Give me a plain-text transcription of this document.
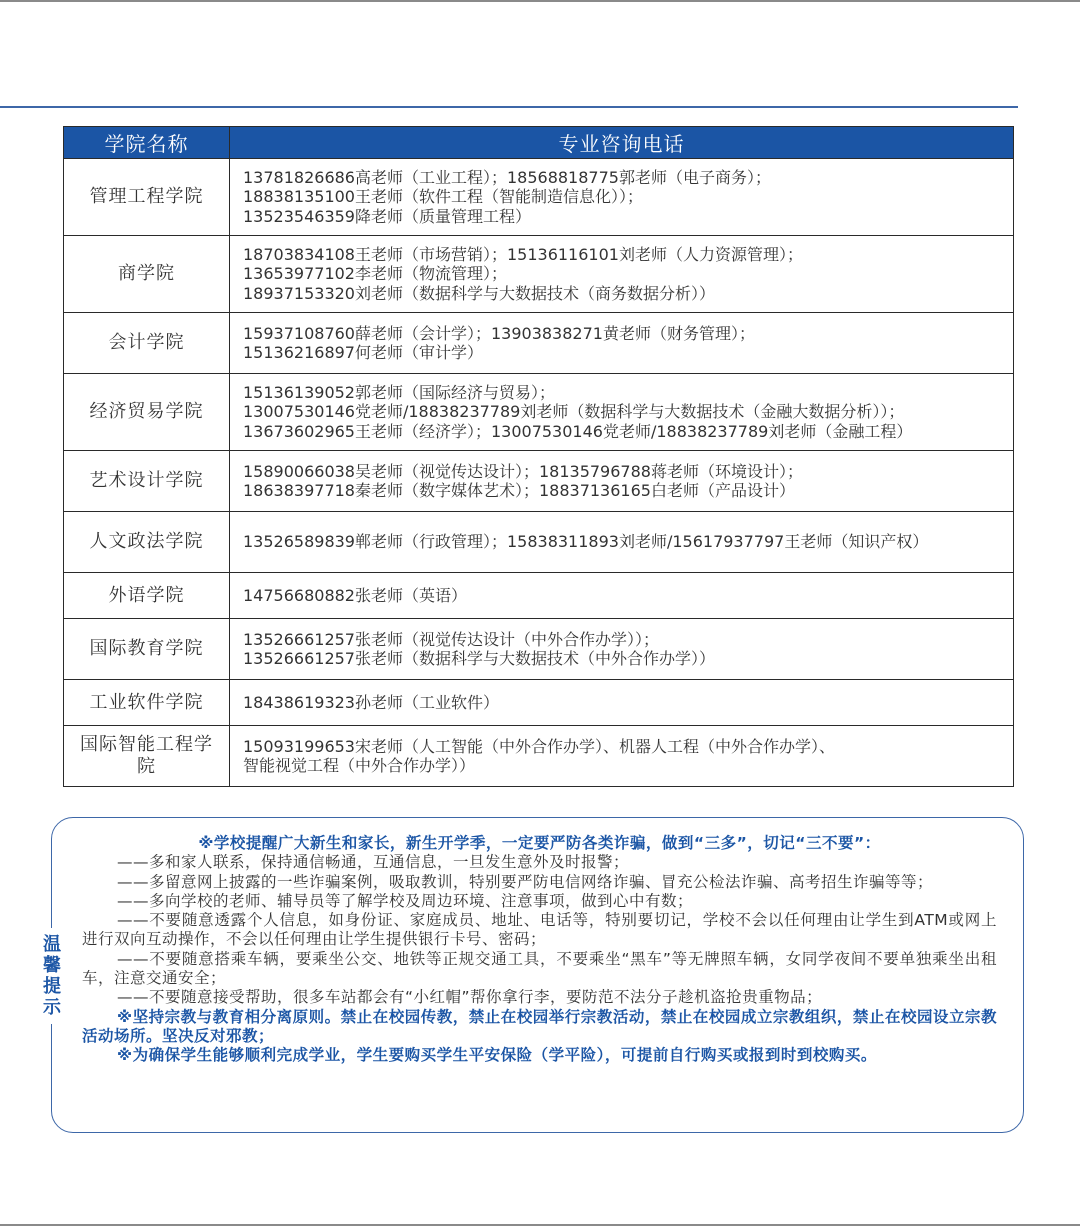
学院名称	专业咨询电话
管理工程学院	13781826686高老师（工业工程）；18568818775郭老师（电子商务）；
18838135100王老师（软件工程（智能制造信息化））；
13523546359降老师（质量管理工程）

商学院	18703834108王老师（市场营销）；15136116101刘老师（人力资源管理）；
13653977102李老师（物流管理）；
18937153320刘老师（数据科学与大数据技术（商务数据分析））

会计学院	15937108760薛老师（会计学）；13903838271黄老师（财务管理）；
15136216897何老师（审计学）

经济贸易学院	15136139052郭老师（国际经济与贸易）；
13007530146党老师/18838237789刘老师（数据科学与大数据技术（金融大数据分析））；
13673602965王老师（经济学）；13007530146党老师/18838237789刘老师（金融工程）

艺术设计学院	15890066038吴老师（视觉传达设计）；18135796788蒋老师（环境设计）；
18638397718秦老师（数字媒体艺术）；18837136165白老师（产品设计）

人文政法学院	13526589839郸老师（行政管理）；15838311893刘老师/15617937797王老师（知识产权）

外语学院	14756680882张老师（英语）

国际教育学院	13526661257张老师（视觉传达设计（中外合作办学））；
13526661257张老师（数据科学与大数据技术（中外合作办学））

工业软件学院	18438619323孙老师（工业软件）

国际智能工程学院	15093199653宋老师（人工智能（中外合作办学）、机器人工程（中外合作办学）、
智能视觉工程（中外合作办学））
温馨提示

※学校提醒广大新生和家长，新生开学季，一定要严防各类诈骗，做到“三多”，切记“三不要”：

——多和家人联系，保持通信畅通，互通信息，一旦发生意外及时报警；

——多留意网上披露的一些诈骗案例，吸取教训，特别要严防电信网络诈骗、冒充公检法诈骗、高考招生诈骗等等；

——多向学校的老师、辅导员等了解学校及周边环境、注意事项，做到心中有数；

——不要随意透露个人信息，如身份证、家庭成员、地址、电话等，特别要切记，学校不会以任何理由让学生到ATM或网上进行双向互动操作，不会以任何理由让学生提供银行卡号、密码；

——不要随意搭乘车辆，要乘坐公交、地铁等正规交通工具，不要乘坐“黑车”等无牌照车辆，女同学夜间不要单独乘坐出租车，注意交通安全；

——不要随意接受帮助，很多车站都会有“小红帽”帮你拿行李，要防范不法分子趁机盗抢贵重物品；

※坚持宗教与教育相分离原则。禁止在校园传教，禁止在校园举行宗教活动，禁止在校园成立宗教组织，禁止在校园设立宗教活动场所。坚决反对邪教；

※为确保学生能够顺利完成学业，学生要购买学生平安保险（学平险），可提前自行购买或报到时到校购买。
